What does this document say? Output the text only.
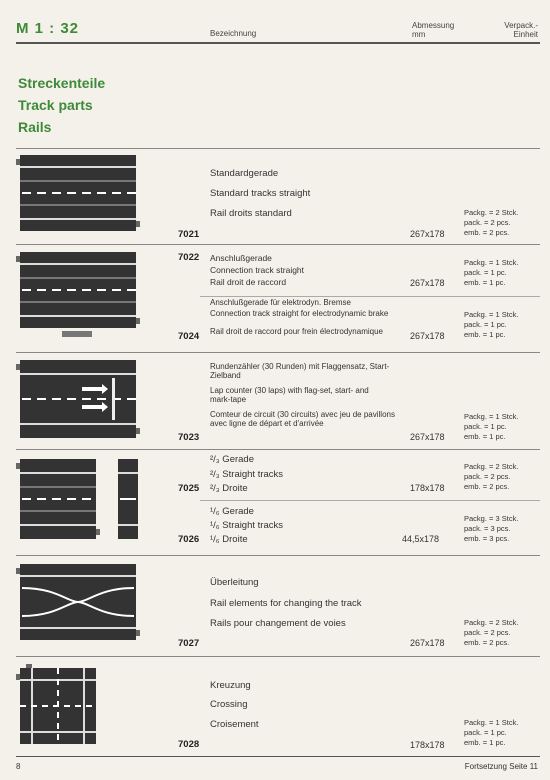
M 1 : 32	Bezeichnung
Abmessung
mm
Verpack.-
Einheit
Streckenteile
Track parts
Rails
Standardgerade
Standard tracks straight
Rail droits standard
7021	267x178
Packg. = 2 Stck.
pack. = 2 pcs.
emb. = 2 pcs.
7022 Anschlußgerade
Connection track straight
Rail droit de raccord	267x178
Packg. = 1 Stck.
pack. = 1 pc.
emb. = 1 pc.
Anschlußgerade für elektrodyn. Bremse
Connection track straight for electrodynamic brake
Rail droit de raccord pour frein électrodynamique
7024	267x178
Packg. = 1 Stck.
pack. = 1 pc.
emb. = 1 pc.
Rundenzähler (30 Runden) mit Flaggensatz, Start-Zielband
Lap counter (30 laps) with flag-set, start- and mark-tape
Comteur de circuit (30 circuits) avec jeu de pavillons avec ligne de départ et d'arrivée
7023	267x178
Packg. = 1 Stck.
pack. = 1 pc.
emb. = 1 pc.
²/₃ Gerade
²/₃ Straight tracks
²/₃ Droite
7025	178x178
Packg. = 2 Stck.
pack. = 2 pcs.
emb. = 2 pcs.
¹/₆ Gerade
¹/₆ Straight tracks
¹/₆ Droite
7026	44,5x178
Packg. = 3 Stck.
pack. = 3 pcs.
emb. = 3 pcs.
Überleitung
Rail elements for changing the track
Rails pour changement de voies
7027	267x178
Packg. = 2 Stck.
pack. = 2 pcs.
emb. = 2 pcs.
Kreuzung
Crossing
Croisement
7028	178x178
Packg. = 1 Stck.
pack. = 1 pc.
emb. = 1 pc.
8	Fortsetzung Seite 11
